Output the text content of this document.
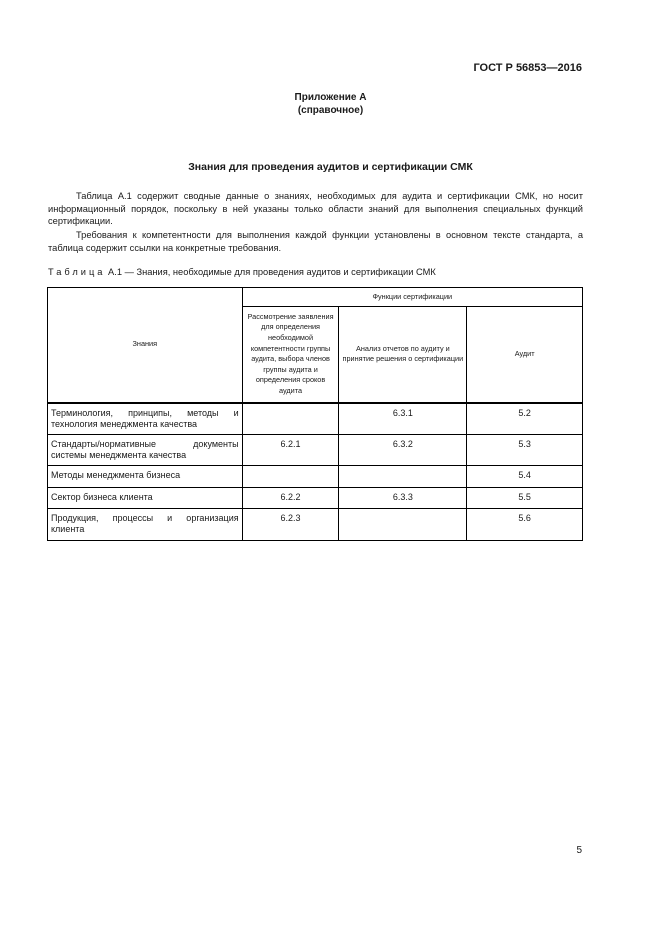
ГОСТ Р 56853—2016
Приложение А
(справочное)
Знания для проведения аудитов и сертификации СМК
Таблица А.1 содержит сводные данные о знаниях, необходимых для аудита и сертификации СМК, но носит информационный порядок, поскольку в ней указаны только области знаний для выполнения специальных функций сертификации.
Требования к компетентности для выполнения каждой функции установлены в основном тексте стандарта, а таблица содержит ссылки на конкретные требования.
Таблица А.1 — Знания, необходимые для проведения аудитов и сертификации СМК
Знания	Функции сертификации		
	Рассмотрение заявления для определения необходимой компетентности группы аудита, выбора членов группы аудита и определения сроков аудита	Анализ отчетов по аудиту и принятие решения о сертификации	Аудит
Терминология, принципы, методы и технология менеджмента качества		6.3.1	5.2
Стандарты/нормативные документы системы менеджмента качества	6.2.1	6.3.2	5.3
Методы менеджмента бизнеса			5.4
Сектор бизнеса клиента	6.2.2	6.3.3	5.5
Продукция, процессы и организация клиента	6.2.3		5.6
5
